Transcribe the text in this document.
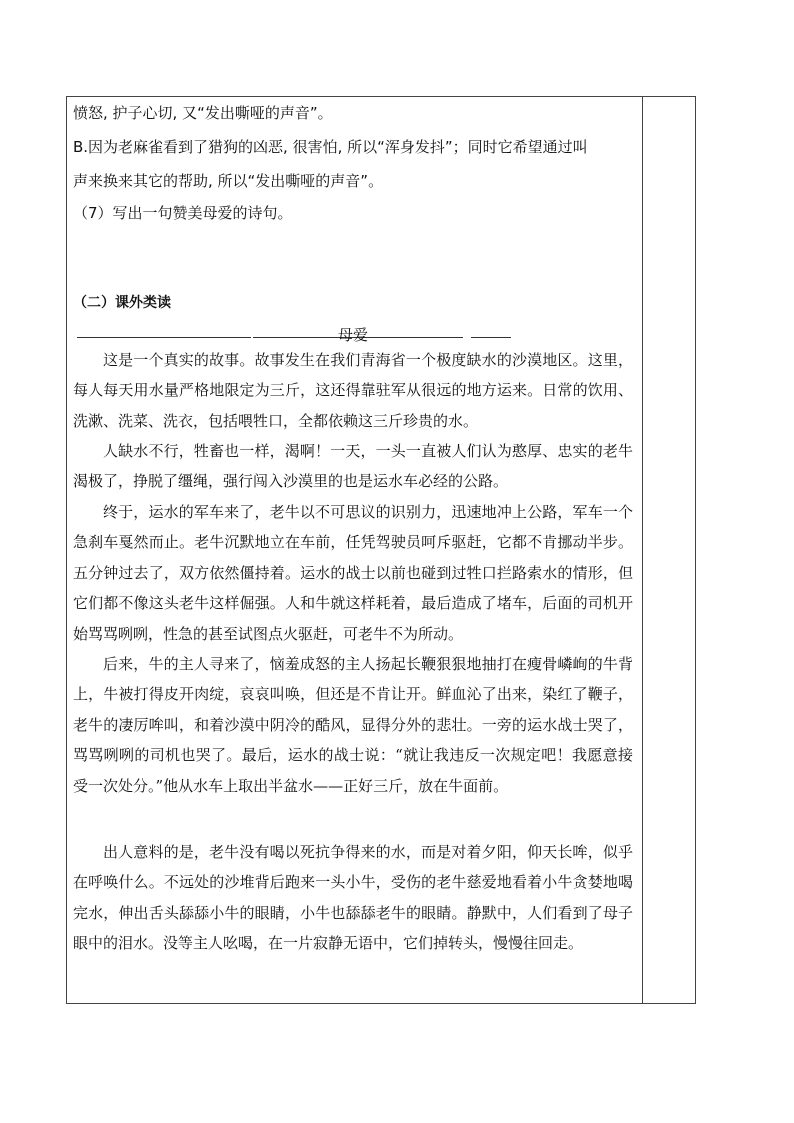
愤怒, 护子心切, 又“发出嘶哑的声音”。
B.因为老麻雀看到了猎狗的凶恶, 很害怕, 所以“浑身发抖”；同时它希望通过叫
声来换来其它的帮助, 所以“发出嘶哑的声音”。
（7）写出一句赞美母爱的诗句。
（二）课外类读
母爱
这是一个真实的故事。故事发生在我们青海省一个极度缺水的沙漠地区。这里，每人每天用水量严格地限定为三斤，这还得靠驻军从很远的地方运来。日常的饮用、洗漱、洗菜、洗衣，包括喂牲口，全都依赖这三斤珍贵的水。
人缺水不行，牲畜也一样，渴啊！一天，一头一直被人们认为憨厚、忠实的老牛渴极了，挣脱了缰绳，强行闯入沙漠里的也是运水车必经的公路。
终于，运水的军车来了，老牛以不可思议的识别力，迅速地冲上公路，军车一个急刹车戛然而止。老牛沉默地立在车前，任凭驾驶员呵斥驱赶，它都不肯挪动半步。五分钟过去了，双方依然僵持着。运水的战士以前也碰到过牲口拦路索水的情形，但它们都不像这头老牛这样倔强。人和牛就这样耗着，最后造成了堵车，后面的司机开始骂骂咧咧，性急的甚至试图点火驱赶，可老牛不为所动。
后来，牛的主人寻来了，恼羞成怒的主人扬起长鞭狠狠地抽打在瘦骨嶙峋的牛背上，牛被打得皮开肉绽，哀哀叫唤，但还是不肯让开。鲜血沁了出来，染红了鞭子，老牛的凄厉哞叫，和着沙漠中阴冷的酷风，显得分外的悲壮。一旁的运水战士哭了，骂骂咧咧的司机也哭了。最后，运水的战士说：“就让我违反一次规定吧！我愿意接受一次处分。”他从水车上取出半盆水——正好三斤，放在牛面前。
出人意料的是，老牛没有喝以死抗争得来的水，而是对着夕阳，仰天长哞，似乎在呼唤什么。不远处的沙堆背后跑来一头小牛，受伤的老牛慈爱地看着小牛贪婪地喝完水，伸出舌头舔舔小牛的眼睛，小牛也舔舔老牛的眼睛。静默中，人们看到了母子眼中的泪水。没等主人吆喝，在一片寂静无语中，它们掉转头，慢慢往回走。
